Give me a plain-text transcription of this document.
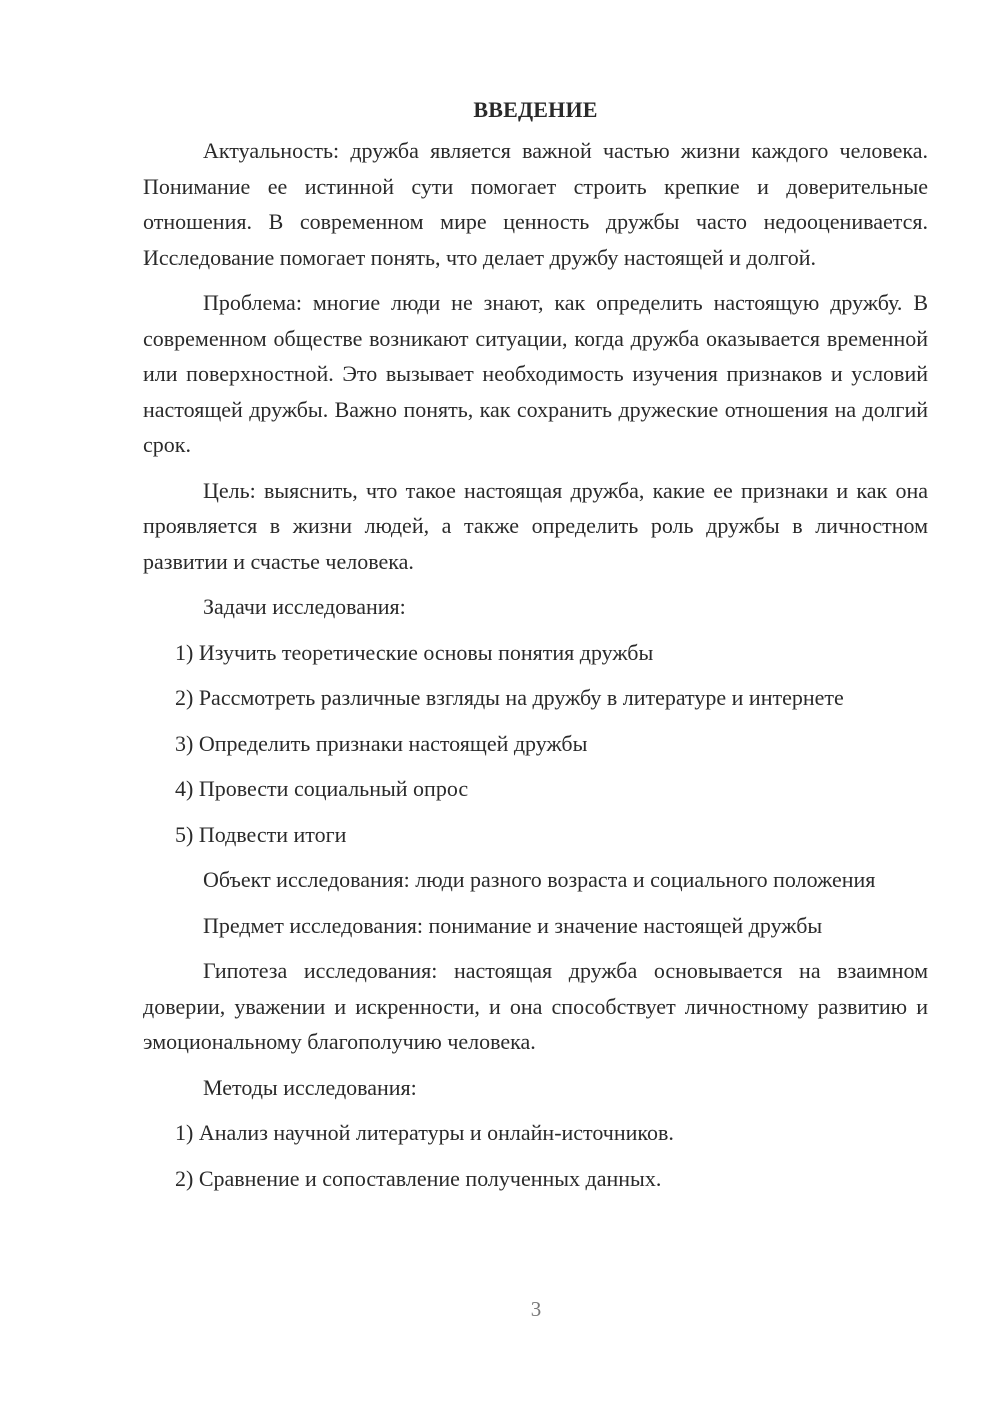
ВВЕДЕНИЕ

Актуальность: дружба является важной частью жизни каждого человека. Понимание ее истинной сути помогает строить крепкие и доверительные отношения. В современном мире ценность дружбы часто недооценивается. Исследование помогает понять, что делает дружбу настоящей и долгой.

Проблема: многие люди не знают, как определить настоящую дружбу. В современном обществе возникают ситуации, когда дружба оказывается временной или поверхностной. Это вызывает необходимость изучения признаков и условий настоящей дружбы. Важно понять, как сохранить дружеские отношения на долгий срок.

Цель: выяснить, что такое настоящая дружба, какие ее признаки и как она проявляется в жизни людей, а также определить роль дружбы в личностном развитии и счастье человека.

Задачи исследования:

1) Изучить теоретические основы понятия дружбы

2) Рассмотреть различные взгляды на дружбу в литературе и интернете

3) Определить признаки настоящей дружбы

4) Провести социальный опрос

5) Подвести итоги

Объект исследования: люди разного возраста и социального положения

Предмет исследования: понимание и значение настоящей дружбы

Гипотеза исследования: настоящая дружба основывается на взаимном доверии, уважении и искренности, и она способствует личностному развитию и эмоциональному благополучию человека.

Методы исследования:

1) Анализ научной литературы и онлайн-источников.

2) Сравнение и сопоставление полученных данных.

3
